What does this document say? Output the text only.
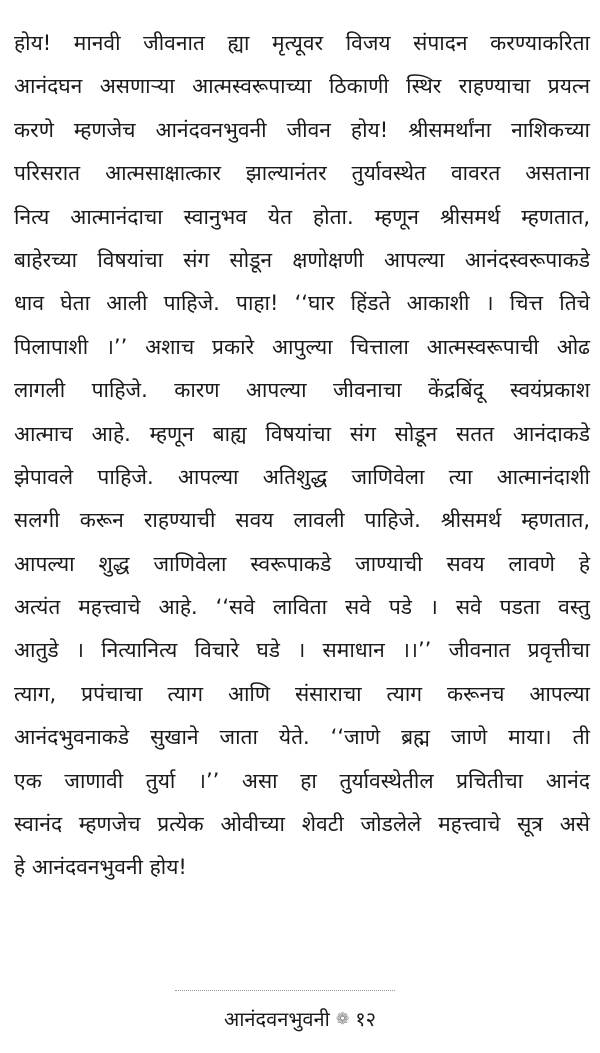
होय! मानवी जीवनात ह्या मृत्यूवर विजय संपादन करण्याकरिता
आनंदघन असणाऱ्या आत्मस्वरूपाच्या ठिकाणी स्थिर राहण्याचा प्रयत्न
करणे म्हणजेच आनंदवनभुवनी जीवन होय! श्रीसमर्थांना नाशिकच्या
परिसरात आत्मसाक्षात्कार झाल्यानंतर तुर्यावस्थेत वावरत असताना
नित्य आत्मानंदाचा स्वानुभव येत होता. म्हणून श्रीसमर्थ म्हणतात,
बाहेरच्या विषयांचा संग सोडून क्षणोक्षणी आपल्या आनंदस्वरूपाकडे
धाव घेता आली पाहिजे. पाहा! ‘‘घार हिंडते आकाशी । चित्त तिचे
पिलापाशी ।’’ अशाच प्रकारे आपुल्या चित्ताला आत्मस्वरूपाची ओढ
लागली पाहिजे. कारण आपल्या जीवनाचा केंद्रबिंदू स्वयंप्रकाश
आत्माच आहे. म्हणून बाह्य विषयांचा संग सोडून सतत आनंदाकडे
झेपावले पाहिजे. आपल्या अतिशुद्ध जाणिवेला त्या आत्मानंदाशी
सलगी करून राहण्याची सवय लावली पाहिजे. श्रीसमर्थ म्हणतात,
आपल्या शुद्ध जाणिवेला स्वरूपाकडे जाण्याची सवय लावणे हे
अत्यंत महत्त्वाचे आहे. ‘‘सवे लाविता सवे पडे । सवे पडता वस्तु
आतुडे । नित्यानित्य विचारे घडे । समाधान ।।’’ जीवनात प्रवृत्तीचा
त्याग, प्रपंचाचा त्याग आणि संसाराचा त्याग करूनच आपल्या
आनंदभुवनाकडे सुखाने जाता येते. ‘‘जाणे ब्रह्म जाणे माया। ती
एक जाणावी तुर्या ।’’ असा हा तुर्यावस्थेतील प्रचितीचा आनंद
स्वानंद म्हणजेच प्रत्येक ओवीच्या शेवटी जोडलेले महत्त्वाचे सूत्र असे
हे आनंदवनभुवनी होय!
आनंदवनभुवनी ❁ १२
